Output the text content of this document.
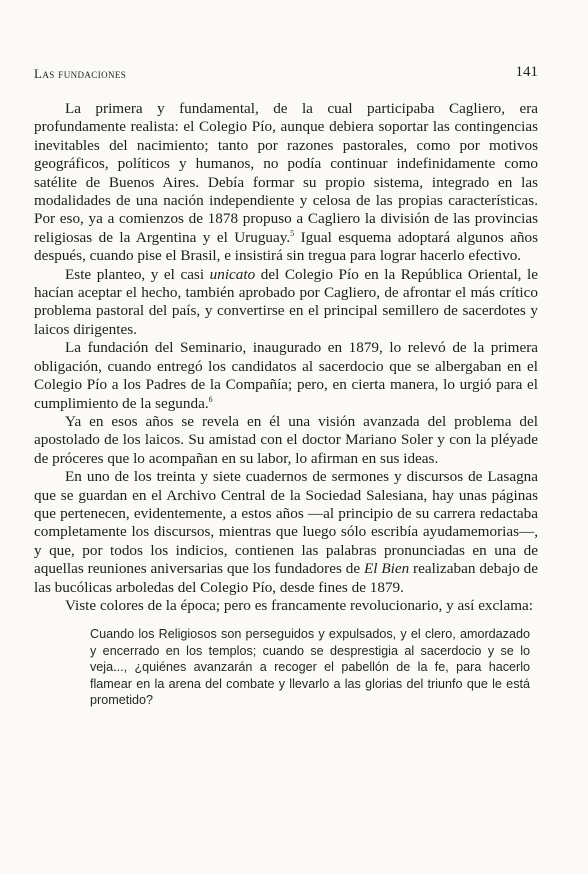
Las fundaciones	141

La primera y fundamental, de la cual participaba Cagliero, era profundamente realista: el Colegio Pío, aunque debiera soportar las contingencias inevitables del nacimiento; tanto por razones pastorales, como por motivos geográficos, políticos y humanos, no podía continuar indefinidamente como satélite de Buenos Aires. Debía formar su propio sistema, integrado en las modalidades de una nación independiente y celosa de las propias características. Por eso, ya a comienzos de 1878 propuso a Cagliero la división de las provincias religiosas de la Argentina y el Uruguay.$^5$ Igual esquema adoptará algunos años después, cuando pise el Brasil, e insistirá sin tregua para lograr hacerlo efectivo.

Este planteo, y el casi unicato del Colegio Pío en la República Oriental, le hacían aceptar el hecho, también aprobado por Cagliero, de afrontar el más crítico problema pastoral del país, y convertirse en el principal semillero de sacerdotes y laicos dirigentes.

La fundación del Seminario, inaugurado en 1879, lo relevó de la primera obligación, cuando entregó los candidatos al sacerdocio que se albergaban en el Colegio Pío a los Padres de la Compañía; pero, en cierta manera, lo urgió para el cumplimiento de la segunda.$^6$

Ya en esos años se revela en él una visión avanzada del problema del apostolado de los laicos. Su amistad con el doctor Mariano Soler y con la pléyade de próceres que lo acompañan en su labor, lo afirman en sus ideas.

En uno de los treinta y siete cuadernos de sermones y discursos de Lasagna que se guardan en el Archivo Central de la Sociedad Salesiana, hay unas páginas que pertenecen, evidentemente, a estos años —al principio de su carrera redactaba completamente los discursos, mientras que luego sólo escribía ayudamemorias—, y que, por todos los indicios, contienen las palabras pronunciadas en una de aquellas reuniones aniversarias que los fundadores de El Bien realizaban debajo de las bucólicas arboledas del Colegio Pío, desde fines de 1879.

Viste colores de la época; pero es francamente revolucionario, y así exclama:

Cuando los Religiosos son perseguidos y expulsados, y el clero, amordazado y encerrado en los templos; cuando se desprestigia al sacerdocio y se lo veja..., ¿quiénes avanzarán a recoger el pabellón de la fe, para hacerlo flamear en la arena del combate y llevarlo a las glorias del triunfo que le está prometido?
